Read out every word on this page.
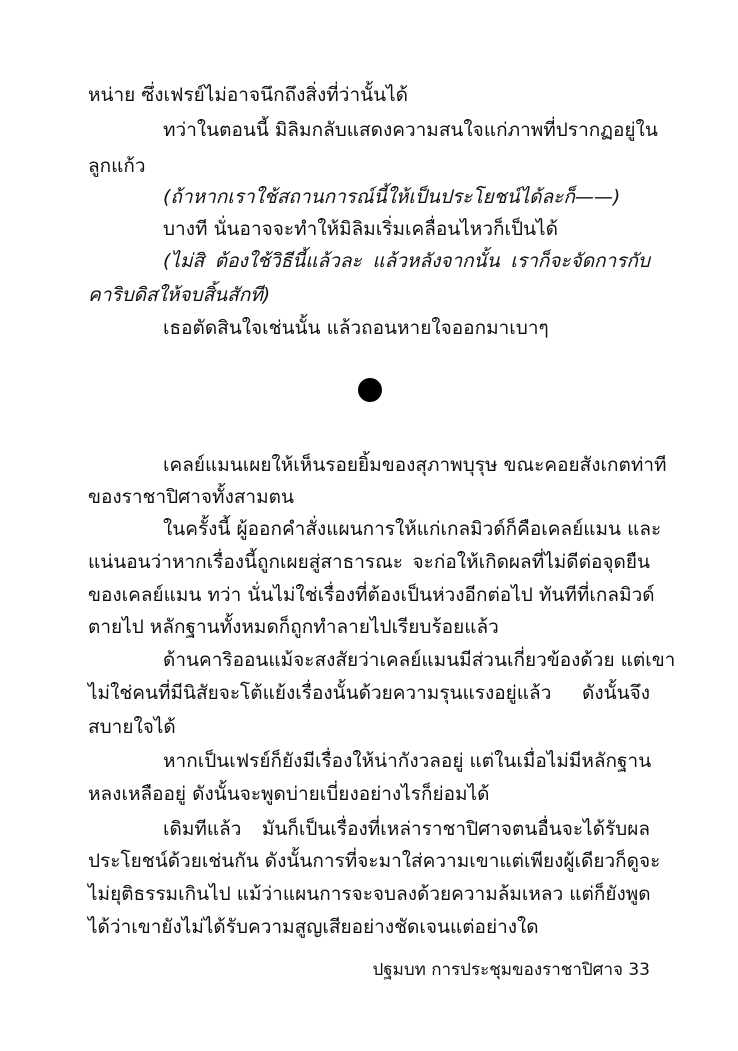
หน่าย ซึ่งเฟรย์ไม่อาจนึกถึงสิ่งที่ว่านั้นได้
ทว่าในตอนนี้ มิลิมกลับแสดงความสนใจแก่ภาพที่ปรากฏอยู่ใน
ลูกแก้ว
(ถ้าหากเราใช้สถานการณ์นี้ให้เป็นประโยชน์ได้ละก็——)
บางที นั่นอาจจะทำให้มิลิมเริ่มเคลื่อนไหวก็เป็นได้
(ไม่สิ ต้องใช้วิธีนี้แล้วละ แล้วหลังจากนั้น เราก็จะจัดการกับ
คาริบดิสให้จบสิ้นสักที)
เธอตัดสินใจเช่นนั้น แล้วถอนหายใจออกมาเบาๆ
เคลย์แมนเผยให้เห็นรอยยิ้มของสุภาพบุรุษ ขณะคอยสังเกตท่าที
ของราชาปิศาจทั้งสามตน
ในครั้งนี้ ผู้ออกคำสั่งแผนการให้แก่เกลมิวด์ก็คือเคลย์แมน และ
แน่นอนว่าหากเรื่องนี้ถูกเผยสู่สาธารณะ จะก่อให้เกิดผลที่ไม่ดีต่อจุดยืน
ของเคลย์แมน ทว่า นั่นไม่ใช่เรื่องที่ต้องเป็นห่วงอีกต่อไป ทันทีที่เกลมิวด์
ตายไป หลักฐานทั้งหมดก็ถูกทำลายไปเรียบร้อยแล้ว
ด้านคาริออนแม้จะสงสัยว่าเคลย์แมนมีส่วนเกี่ยวข้องด้วย แต่เขา
ไม่ใช่คนที่มีนิสัยจะโต้แย้งเรื่องนั้นด้วยความรุนแรงอยู่แล้ว ดังนั้นจึง
สบายใจได้
หากเป็นเฟรย์ก็ยังมีเรื่องให้น่ากังวลอยู่ แต่ในเมื่อไม่มีหลักฐาน
หลงเหลืออยู่ ดังนั้นจะพูดบ่ายเบี่ยงอย่างไรก็ย่อมได้
เดิมทีแล้ว มันก็เป็นเรื่องที่เหล่าราชาปิศาจตนอื่นจะได้รับผล
ประโยชน์ด้วยเช่นกัน ดังนั้นการที่จะมาใส่ความเขาแต่เพียงผู้เดียวก็ดูจะ
ไม่ยุติธรรมเกินไป แม้ว่าแผนการจะจบลงด้วยความล้มเหลว แต่ก็ยังพูด
ได้ว่าเขายังไม่ได้รับความสูญเสียอย่างชัดเจนแต่อย่างใด
ปฐมบท การประชุมของราชาปิศาจ 33
